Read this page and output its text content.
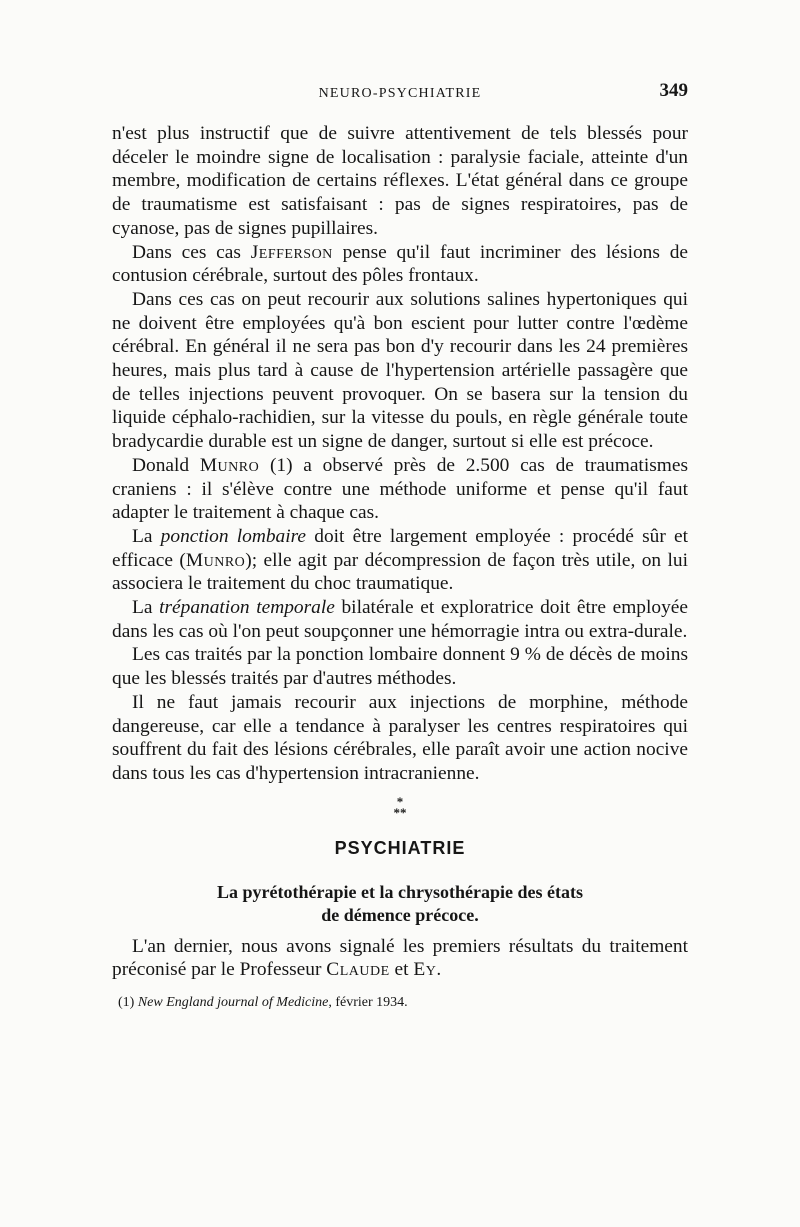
NEURO-PSYCHIATRIE	349

n'est plus instructif que de suivre attentivement de tels blessés pour déceler le moindre signe de localisation : paralysie faciale, atteinte d'un membre, modification de certains réflexes. L'état général dans ce groupe de traumatisme est satisfaisant : pas de signes respiratoires, pas de cyanose, pas de signes pupillaires.

Dans ces cas Jefferson pense qu'il faut incriminer des lésions de contusion cérébrale, surtout des pôles frontaux.

Dans ces cas on peut recourir aux solutions salines hypertoniques qui ne doivent être employées qu'à bon escient pour lutter contre l'œdème cérébral. En général il ne sera pas bon d'y recourir dans les 24 premières heures, mais plus tard à cause de l'hypertension artérielle passagère que de telles injections peuvent provoquer. On se basera sur la tension du liquide céphalo-rachidien, sur la vitesse du pouls, en règle générale toute bradycardie durable est un signe de danger, surtout si elle est précoce.

Donald Munro (1) a observé près de 2.500 cas de traumatismes craniens : il s'élève contre une méthode uniforme et pense qu'il faut adapter le traitement à chaque cas.

La ponction lombaire doit être largement employée : procédé sûr et efficace (Munro); elle agit par décompression de façon très utile, on lui associera le traitement du choc traumatique.

La trépanation temporale bilatérale et exploratrice doit être employée dans les cas où l'on peut soupçonner une hémorragie intra ou extra-durale.

Les cas traités par la ponction lombaire donnent 9 % de décès de moins que les blessés traités par d'autres méthodes.

Il ne faut jamais recourir aux injections de morphine, méthode dangereuse, car elle a tendance à paralyser les centres respiratoires qui souffrent du fait des lésions cérébrales, elle paraît avoir une action nocive dans tous les cas d'hypertension intracranienne.

*
**
PSYCHIATRIE
La pyrétothérapie et la chrysothérapie des états
de démence précoce.

L'an dernier, nous avons signalé les premiers résultats du traitement préconisé par le Professeur Claude et Ey.

(1) New England journal of Medicine, février 1934.
